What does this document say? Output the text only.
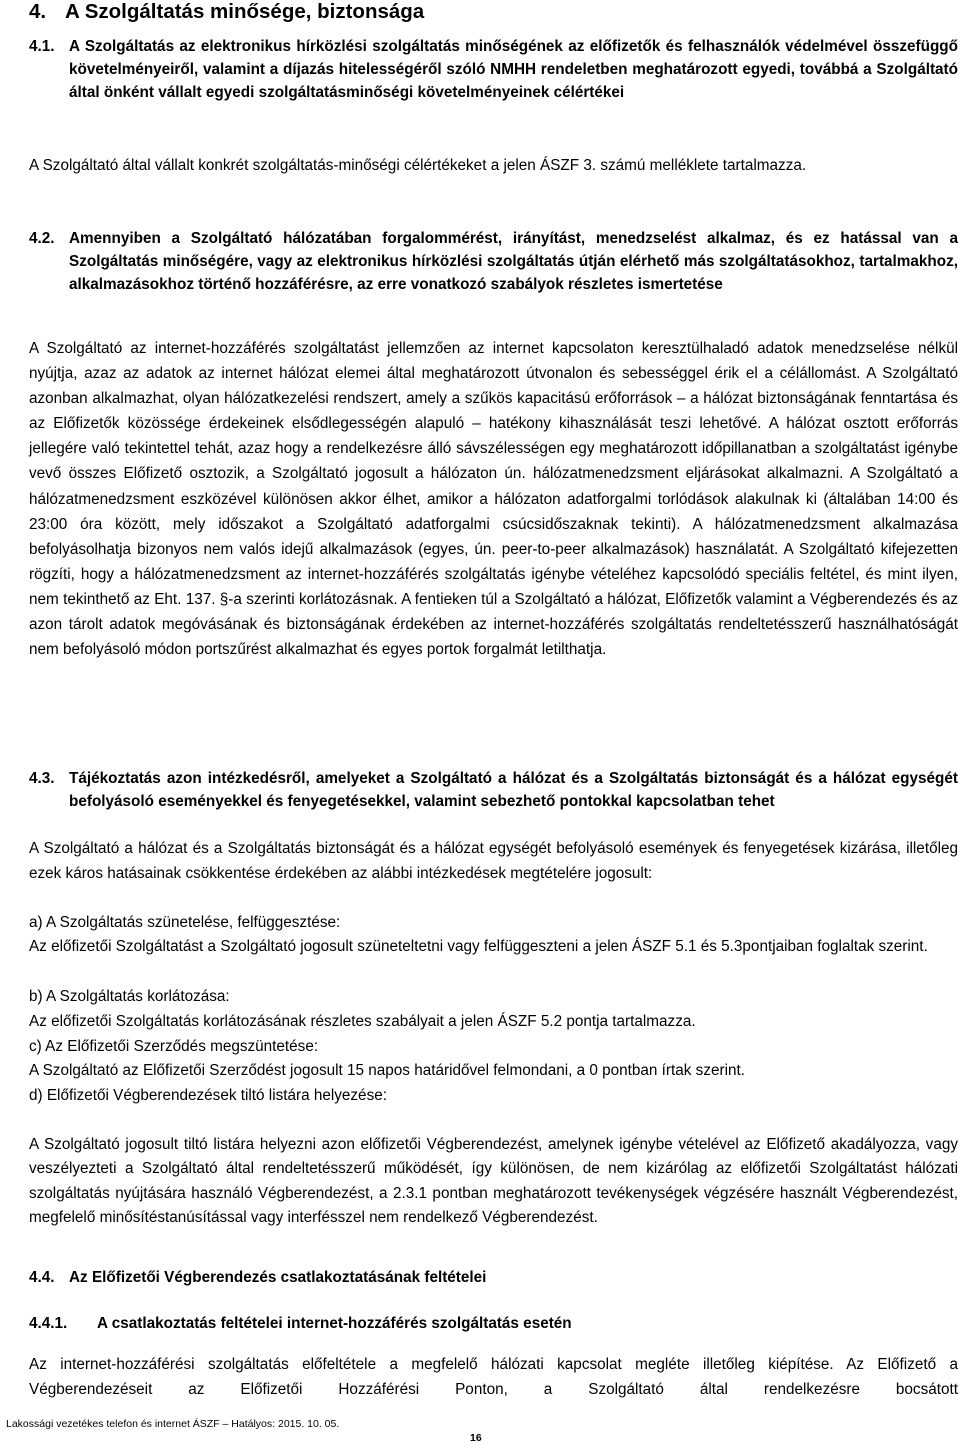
4. A Szolgáltatás minősége, biztonsága
4.1. A Szolgáltatás az elektronikus hírközlési szolgáltatás minőségének az előfizetők és felhasználók védelmével összefüggő követelményeiről, valamint a díjazás hitelességéről szóló NMHH rendeletben meghatározott egyedi, továbbá a Szolgáltató által önként vállalt egyedi szolgáltatásminőségi követelményeinek célértékei

A Szolgáltató által vállalt konkrét szolgáltatás-minőségi célértékeket a jelen ÁSZF 3. számú melléklete tartalmazza.

4.2. Amennyiben a Szolgáltató hálózatában forgalommérést, irányítást, menedzselést alkalmaz, és ez hatással van a Szolgáltatás minőségére, vagy az elektronikus hírközlési szolgáltatás útján elérhető más szolgáltatásokhoz, tartalmakhoz, alkalmazásokhoz történő hozzáférésre, az erre vonatkozó szabályok részletes ismertetése

A Szolgáltató az internet-hozzáférés szolgáltatást jellemzően az internet kapcsolaton keresztülhaladó adatok menedzselése nélkül nyújtja, azaz az adatok az internet hálózat elemei által meghatározott útvonalon és sebességgel érik el a célállomást. A Szolgáltató azonban alkalmazhat, olyan hálózatkezelési rendszert, amely a szűkös kapacitású erőforrások – a hálózat biztonságának fenntartása és az Előfizetők közössége érdekeinek elsődlegességén alapuló – hatékony kihasználását teszi lehetővé. A hálózat osztott erőforrás jellegére való tekintettel tehát, azaz hogy a rendelkezésre álló sávszélességen egy meghatározott időpillanatban a szolgáltatást igénybe vevő összes Előfizető osztozik, a Szolgáltató jogosult a hálózaton ún. hálózatmenedzsment eljárásokat alkalmazni. A Szolgáltató a hálózatmenedzsment eszközével különösen akkor élhet, amikor a hálózaton adatforgalmi torlódások alakulnak ki (általában 14:00 és 23:00 óra között, mely időszakot a Szolgáltató adatforgalmi csúcsidőszaknak tekinti). A hálózatmenedzsment alkalmazása befolyásolhatja bizonyos nem valós idejű alkalmazások (egyes, ún. peer-to-peer alkalmazások) használatát. A Szolgáltató kifejezetten rögzíti, hogy a hálózatmenedzsment az internet-hozzáférés szolgáltatás igénybe vételéhez kapcsolódó speciális feltétel, és mint ilyen, nem tekinthető az Eht. 137. §-a szerinti korlátozásnak. A fentieken túl a Szolgáltató a hálózat, Előfizetők valamint a Végberendezés és az azon tárolt adatok megóvásának és biztonságának érdekében az internet-hozzáférés szolgáltatás rendeltetésszerű használhatóságát nem befolyásoló módon portszűrést alkalmazhat és egyes portok forgalmát letilthatja.

4.3. Tájékoztatás azon intézkedésről, amelyeket a Szolgáltató a hálózat és a Szolgáltatás biztonságát és a hálózat egységét befolyásoló eseményekkel és fenyegetésekkel, valamint sebezhető pontokkal kapcsolatban tehet

A Szolgáltató a hálózat és a Szolgáltatás biztonságát és a hálózat egységét befolyásoló események és fenyegetések kizárása, illetőleg ezek káros hatásainak csökkentése érdekében az alábbi intézkedések megtételére jogosult:

a) A Szolgáltatás szünetelése, felfüggesztése:

Az előfizetői Szolgáltatást a Szolgáltató jogosult szüneteltetni vagy felfüggeszteni a jelen ÁSZF 5.1 és 5.3pontjaiban foglaltak szerint.

b) A Szolgáltatás korlátozása:

Az előfizetői Szolgáltatás korlátozásának részletes szabályait a jelen ÁSZF 5.2 pontja tartalmazza.

c) Az Előfizetői Szerződés megszüntetése:

A Szolgáltató az Előfizetői Szerződést jogosult 15 napos határidővel felmondani, a 0 pontban írtak szerint.

d) Előfizetői Végberendezések tiltó listára helyezése:

A Szolgáltató jogosult tiltó listára helyezni azon előfizetői Végberendezést, amelynek igénybe vételével az Előfizető akadályozza, vagy veszélyezteti a Szolgáltató által rendeltetésszerű működését, így különösen, de nem kizárólag az előfizetői Szolgáltatást hálózati szolgáltatás nyújtására használó Végberendezést, a 2.3.1 pontban meghatározott tevékenységek végzésére használt Végberendezést, megfelelő minősítéstanúsítással vagy interfésszel nem rendelkező Végberendezést.

4.4. Az Előfizetői Végberendezés csatlakoztatásának feltételei
4.4.1. A csatlakoztatás feltételei internet-hozzáférés szolgáltatás esetén

Az internet-hozzáférési szolgáltatás előfeltétele a megfelelő hálózati kapcsolat megléte illetőleg kiépítése. Az Előfizető a Végberendezéseit az Előfizetői Hozzáférési Ponton, a Szolgáltató által rendelkezésre bocsátott

Lakossági vezetékes telefon és internet ÁSZF – Hatályos: 2015. 10. 05.
16
